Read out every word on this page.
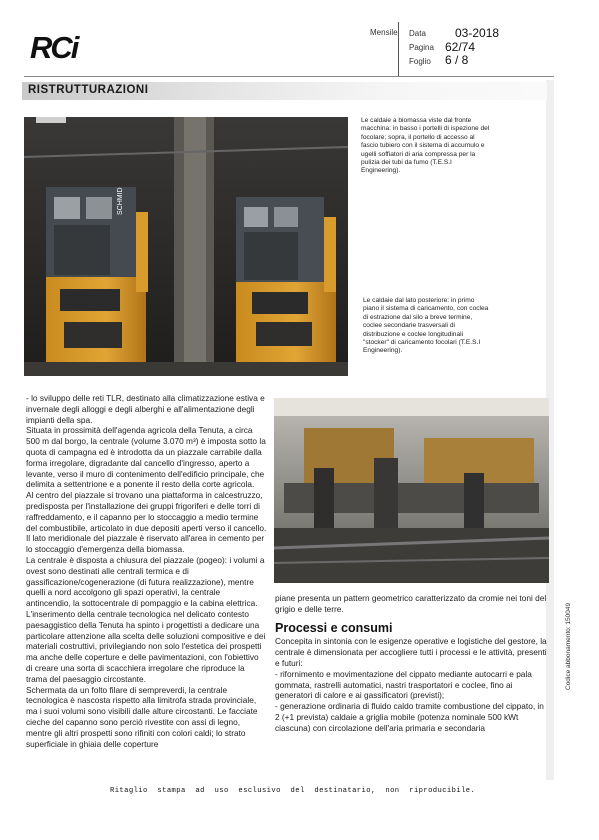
RCi	Mensile Data 03-2018
Pagina 62/74
Foglio 6 / 8
RISTRUTTURAZIONI
SCHMID
Le caldaie a biomassa viste dal fronte macchina: in basso i portelli di ispezione del focolare; sopra, il portello di accesso al fascio tubiero con il sistema di accumulo e ugelli soffiatori di aria compressa per la pulizia dei tubi da fumo (T.E.S.I Engineering).
Le caldaie dal lato posteriore: in primo piano il sistema di caricamento, con coclea di estrazione dal silo a breve termine, coclee secondarie trasversali di distribuzione e coclee longitudinali "stocker" di caricamento focolari (T.E.S.I Engineering).

- lo sviluppo delle reti TLR, destinato alla climatizzazione estiva e invernale degli alloggi e degli alberghi e all'alimentazione degli impianti della spa.

Situata in prossimità dell'agenda agricola della Tenuta, a circa 500 m dal borgo, la centrale (volume 3.070 m³) è imposta sotto la quota di campagna ed è introdotta da un piazzale carrabile dalla forma irregolare, digradante dal cancello d'ingresso, aperto a levante, verso il muro di contenimento dell'edificio principale, che delimita a settentrione e a ponente il resto della corte agricola.

Al centro del piazzale si trovano una piattaforma in calcestruzzo, predisposta per l'installazione dei gruppi frigoriferi e delle torri di raffreddamento, e il capanno per lo stoccaggio a medio termine del combustibile, articolato in due depositi aperti verso il cancello. Il lato meridionale del piazzale è riservato all'area in cemento per lo stoccaggio d'emergenza della biomassa.

La centrale è disposta a chiusura del piazzale (pogeo): i volumi a ovest sono destinati alle centrali termica e di gassificazione/cogenerazione (di futura realizzazione), mentre quelli a nord accolgono gli spazi operativi, la centrale antincendio, la sottocentrale di pompaggio e la cabina elettrica. L'inserimento della centrale tecnologica nel delicato contesto paesaggistico della Tenuta ha spinto i progettisti a dedicare una particolare attenzione alla scelta delle soluzioni compositive e dei materiali costruttivi, privilegiando non solo l'estetica dei prospetti ma anche delle coperture e delle pavimentazioni, con l'obiettivo di creare una sorta di scacchiera irregolare che riproduce la trama del paesaggio circostante.

Schermata da un folto filare di sempreverdi, la centrale tecnologica è nascosta rispetto alla limitrofa strada provinciale, ma i suoi volumi sono visibili dalle alture circostanti. Le facciate cieche del capanno sono perciò rivestite con assi di legno, mentre gli altri prospetti sono rifiniti con colori caldi; lo strato superficiale in ghiaia delle coperture

piane presenta un pattern geometrico caratterizzato da cromie nei toni del grigio e delle terre.

Processi e consumi

Concepita in sintonia con le esigenze operative e logistiche del gestore, la centrale è dimensionata per accogliere tutti i processi e le attività, presenti e futuri:

- rifornimento e movimentazione del cippato mediante autocarri e pala gommata, rastrelli automatici, nastri trasportatori e coclee, fino ai generatori di calore e ai gassificatori (previsti);

- generazione ordinaria di fluido caldo tramite combustione del cippato, in 2 (+1 prevista) caldaie a griglia mobile (potenza nominale 500 kWt ciascuna) con circolazione dell'aria primaria e secondaria

Codice abbonamento: 150049
Ritaglio stampa ad uso esclusivo del destinatario, non riproducibile.
